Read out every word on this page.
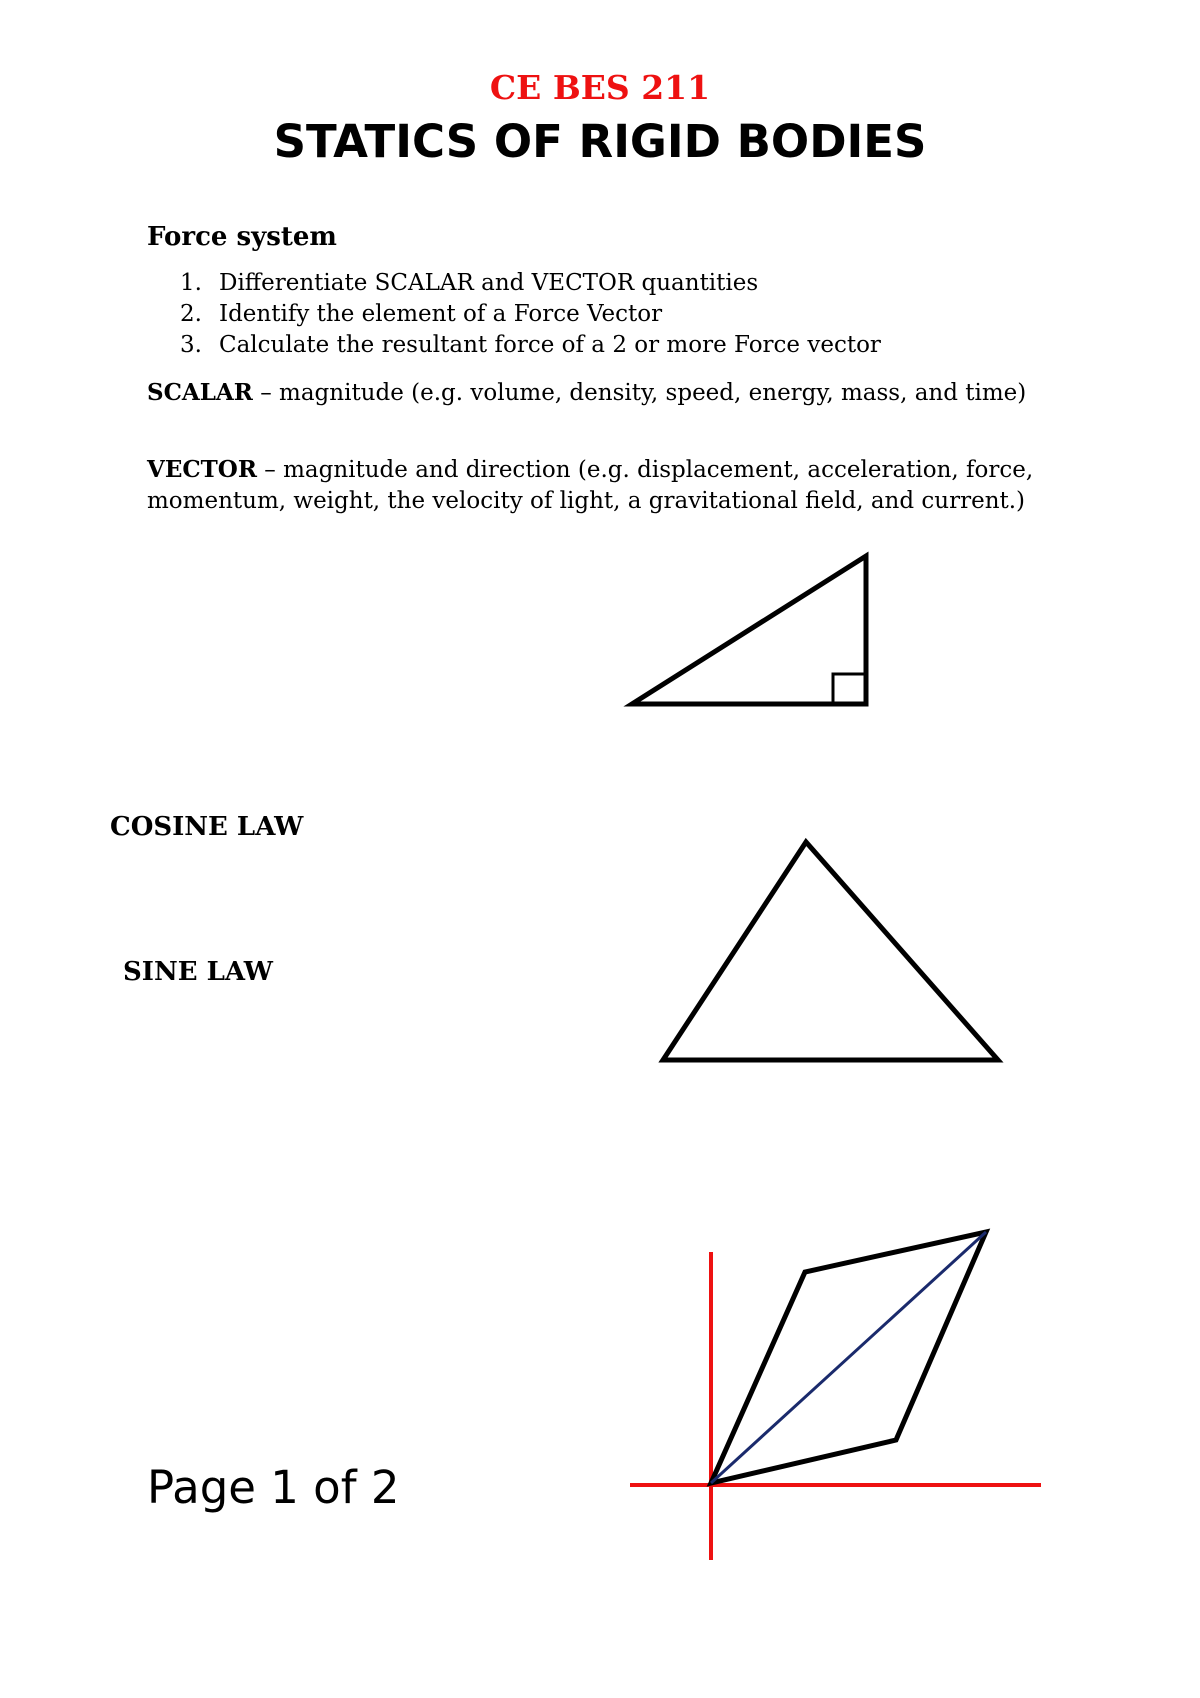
CE BES 211
STATICS OF RIGID BODIES
Force system
1. Differentiate SCALAR and VECTOR quantities
2. Identify the element of a Force Vector
3. Calculate the resultant force of a 2 or more Force vector

SCALAR – magnitude (e.g. volume, density, speed, energy, mass, and time)

VECTOR – magnitude and direction (e.g. displacement, acceleration, force, momentum, weight, the velocity of light, a gravitational field, and current.)

COSINE LAW
SINE LAW
Page 1 of 2
